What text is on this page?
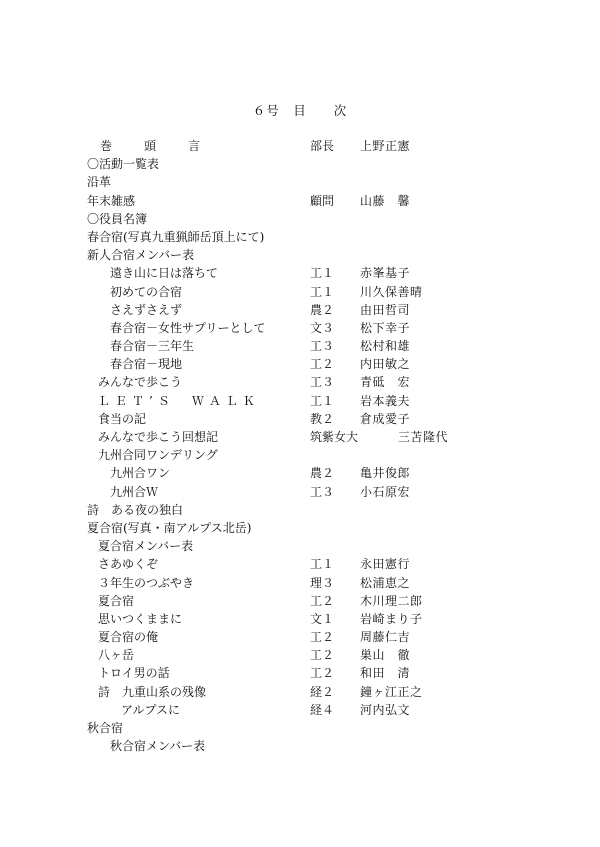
６号　目　　次
巻　頭　言	部長 上野正憲
〇活動一覧表
沿革
年末雑感	顧問 山藤　馨
〇役員名簿
春合宿(写真九重猟師岳頂上にて)
新人合宿メンバー表
遠き山に日は落ちて	工１ 赤峯基子
初めての合宿	工１ 川久保善晴
さえずさえず	農２ 由田哲司
春合宿－女性サプリーとして	文３ 松下幸子
春合宿－三年生	工３ 松村和雄
春合宿－現地	工２ 内田敏之
みんなで歩こう	工３ 青砥　宏
ＬＥＴ’Ｓ　ＷＡＬＫ	工１ 岩本義夫
食当の記	教２ 倉成愛子
みんなで歩こう回想記	筑紫女大	三苫隆代
九州合同ワンデリング
九州合ワン	農２ 亀井俊郎
九州合Ｗ	工３ 小石原宏
詩　ある夜の独白
夏合宿(写真・南アルプス北岳)
夏合宿メンバー表
さあゆくぞ	工１ 永田憲行
３年生のつぶやき	理３ 松浦恵之
夏合宿	工２ 木川理二郎
思いつくままに	文１ 岩崎まり子
夏合宿の俺	工２ 周藤仁吉
八ヶ岳	工２ 巣山　徹
トロイ男の話	工２ 和田　清
詩　九重山系の残像	経２ 鐘ヶ江正之
アルプスに	経４ 河内弘文
秋合宿
秋合宿メンバー表
